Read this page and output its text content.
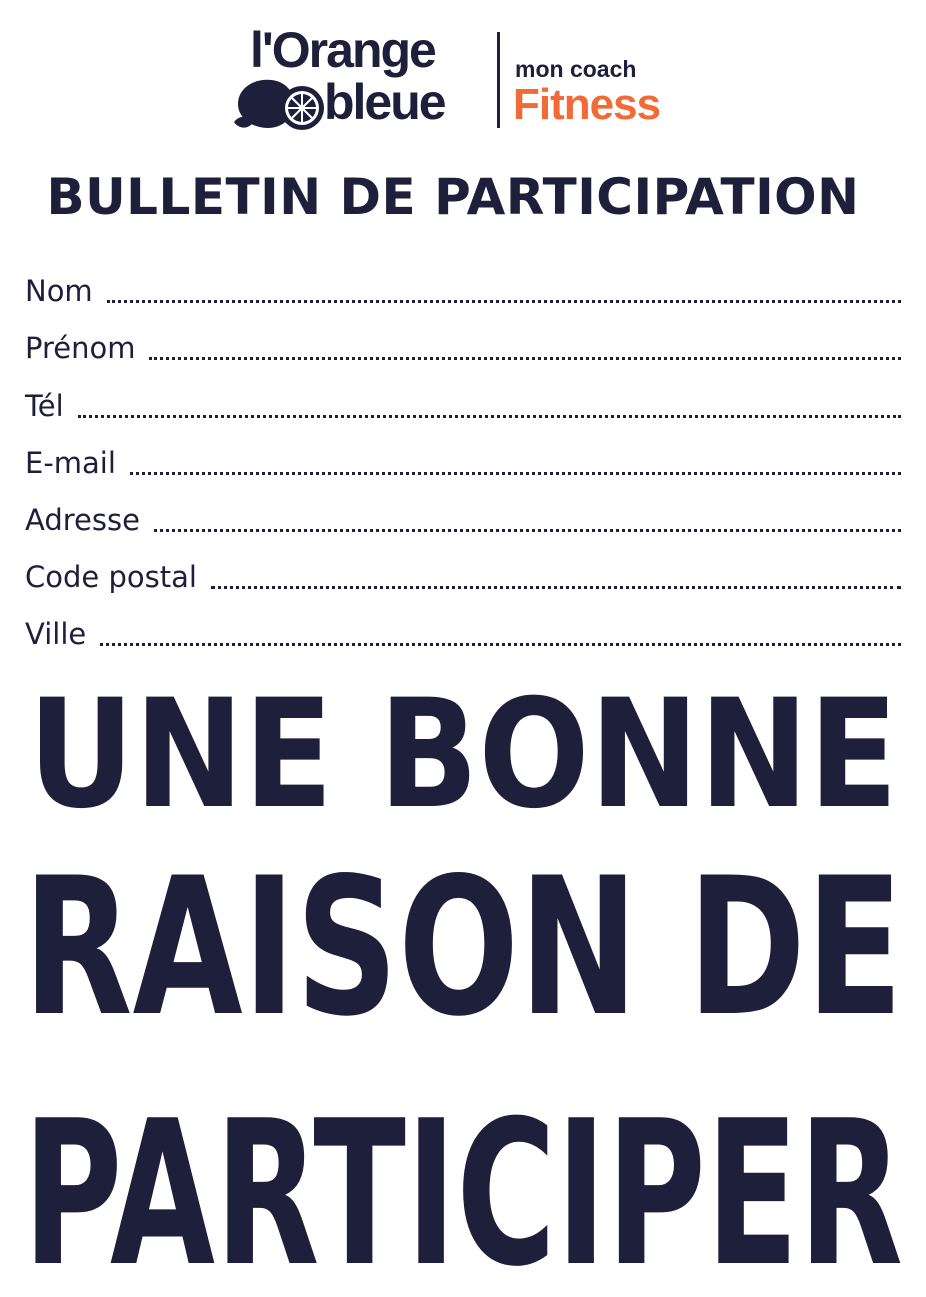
l'Orange
bleue
mon coach
Fitness
BULLETIN DE PARTICIPATION
Nom
Prénom
Tél
E-mail
Adresse
Code postal
Ville
UNE BONNE
RAISON DE
PARTICIPER
